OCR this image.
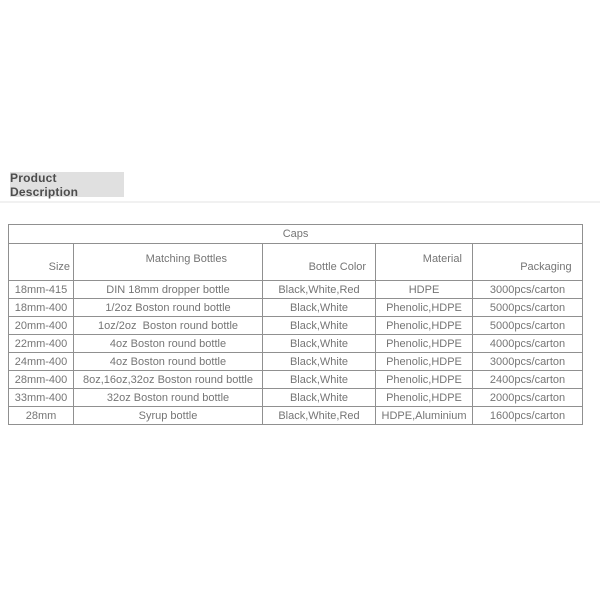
Product Description
Caps				

Size	Matching Bottles	Bottle Color	Material	Packaging

18mm-415	DIN 18mm dropper bottle	Black,White,Red	HDPE	3000pcs/carton
18mm-400	1/2oz Boston round bottle	Black,White	Phenolic,HDPE	5000pcs/carton
20mm-400	1oz/2oz  Boston round bottle	Black,White	Phenolic,HDPE	5000pcs/carton
22mm-400	4oz Boston round bottle	Black,White	Phenolic,HDPE	4000pcs/carton
24mm-400	4oz Boston round bottle	Black,White	Phenolic,HDPE	3000pcs/carton
28mm-400	8oz,16oz,32oz Boston round bottle	Black,White	Phenolic,HDPE	2400pcs/carton
33mm-400	32oz Boston round bottle	Black,White	Phenolic,HDPE	2000pcs/carton
28mm	Syrup bottle	Black,White,Red	HDPE,Aluminium	1600pcs/carton
